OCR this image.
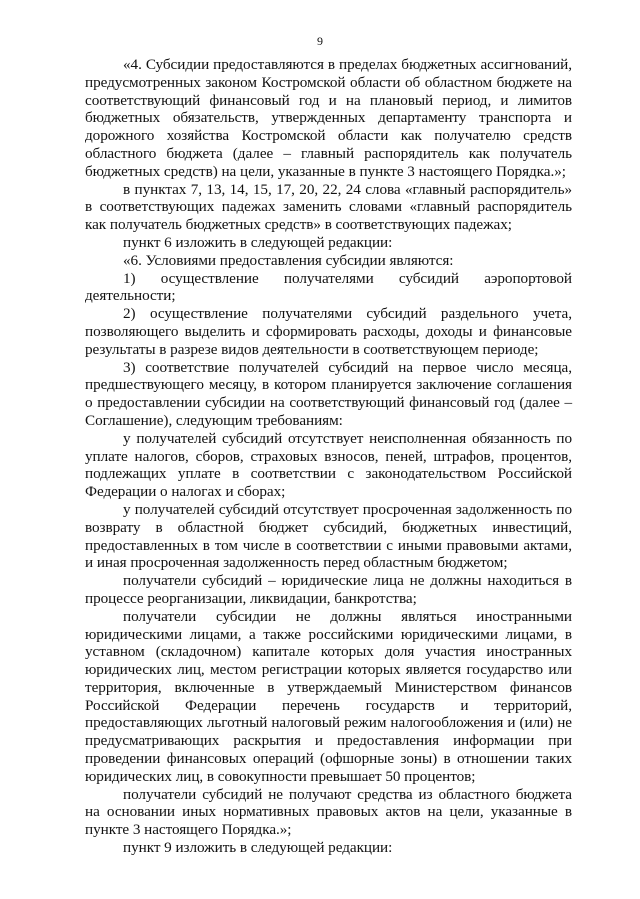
9

«4. Субсидии предоставляются в пределах бюджетных ассигнований, предусмотренных законом Костромской области об областном бюджете на соответствующий финансовый год и на плановый период, и лимитов бюджетных обязательств, утвержденных департаменту транспорта и дорожного хозяйства Костромской области как получателю средств областного бюджета (далее – главный распорядитель как получатель бюджетных средств) на цели, указанные в пункте 3 настоящего Порядка.»;

в пунктах 7, 13, 14, 15, 17, 20, 22, 24 слова «главный распорядитель» в соответствующих падежах заменить словами «главный распорядитель как получатель бюджетных средств» в соответствующих падежах;

пункт 6 изложить в следующей редакции:

«6. Условиями предоставления субсидии являются:

1) осуществление получателями субсидий аэропортовой деятельности;

2) осуществление получателями субсидий раздельного учета, позволяющего выделить и сформировать расходы, доходы и финансовые результаты в разрезе видов деятельности в соответствующем периоде;

3) соответствие получателей субсидий на первое число месяца, предшествующего месяцу, в котором планируется заключение соглашения о предоставлении субсидии на соответствующий финансовый год (далее – Соглашение), следующим требованиям:

у получателей субсидий отсутствует неисполненная обязанность по уплате налогов, сборов, страховых взносов, пеней, штрафов, процентов, подлежащих уплате в соответствии с законодательством Российской Федерации о налогах и сборах;

у получателей субсидий отсутствует просроченная задолженность по возврату в областной бюджет субсидий, бюджетных инвестиций, предоставленных в том числе в соответствии с иными правовыми актами, и иная просроченная задолженность перед областным бюджетом;

получатели субсидий – юридические лица не должны находиться в процессе реорганизации, ликвидации, банкротства;

получатели субсидии не должны являться иностранными юридическими лицами, а также российскими юридическими лицами, в уставном (складочном) капитале которых доля участия иностранных юридических лиц, местом регистрации которых является государство или территория, включенные в утверждаемый Министерством финансов Российской Федерации перечень государств и территорий, предоставляющих льготный налоговый режим налогообложения и (или) не предусматривающих раскрытия и предоставления информации при проведении финансовых операций (офшорные зоны) в отношении таких юридических лиц, в совокупности превышает 50 процентов;

получатели субсидий не получают средства из областного бюджета на основании иных нормативных правовых актов на цели, указанные в пункте 3 настоящего Порядка.»;

пункт 9 изложить в следующей редакции:
